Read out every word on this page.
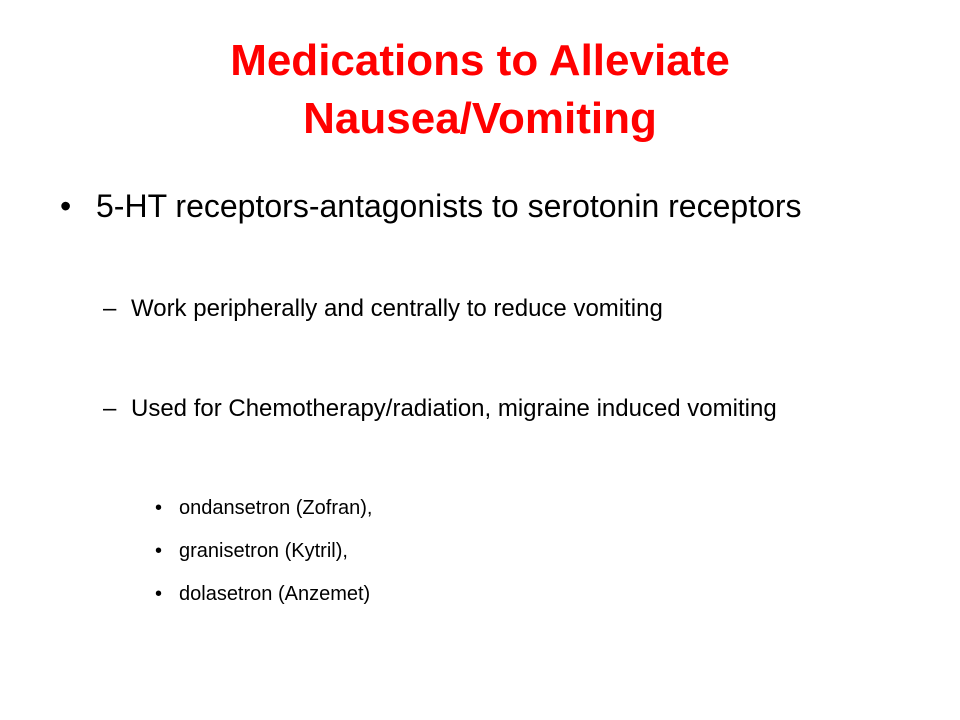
Medications to Alleviate
Nausea/Vomiting
• 5-HT receptors-antagonists to serotonin receptors
– Work peripherally and centrally to reduce vomiting
– Used for Chemotherapy/radiation, migraine induced vomiting
• ondansetron (Zofran),
• granisetron (Kytril),
• dolasetron (Anzemet)
